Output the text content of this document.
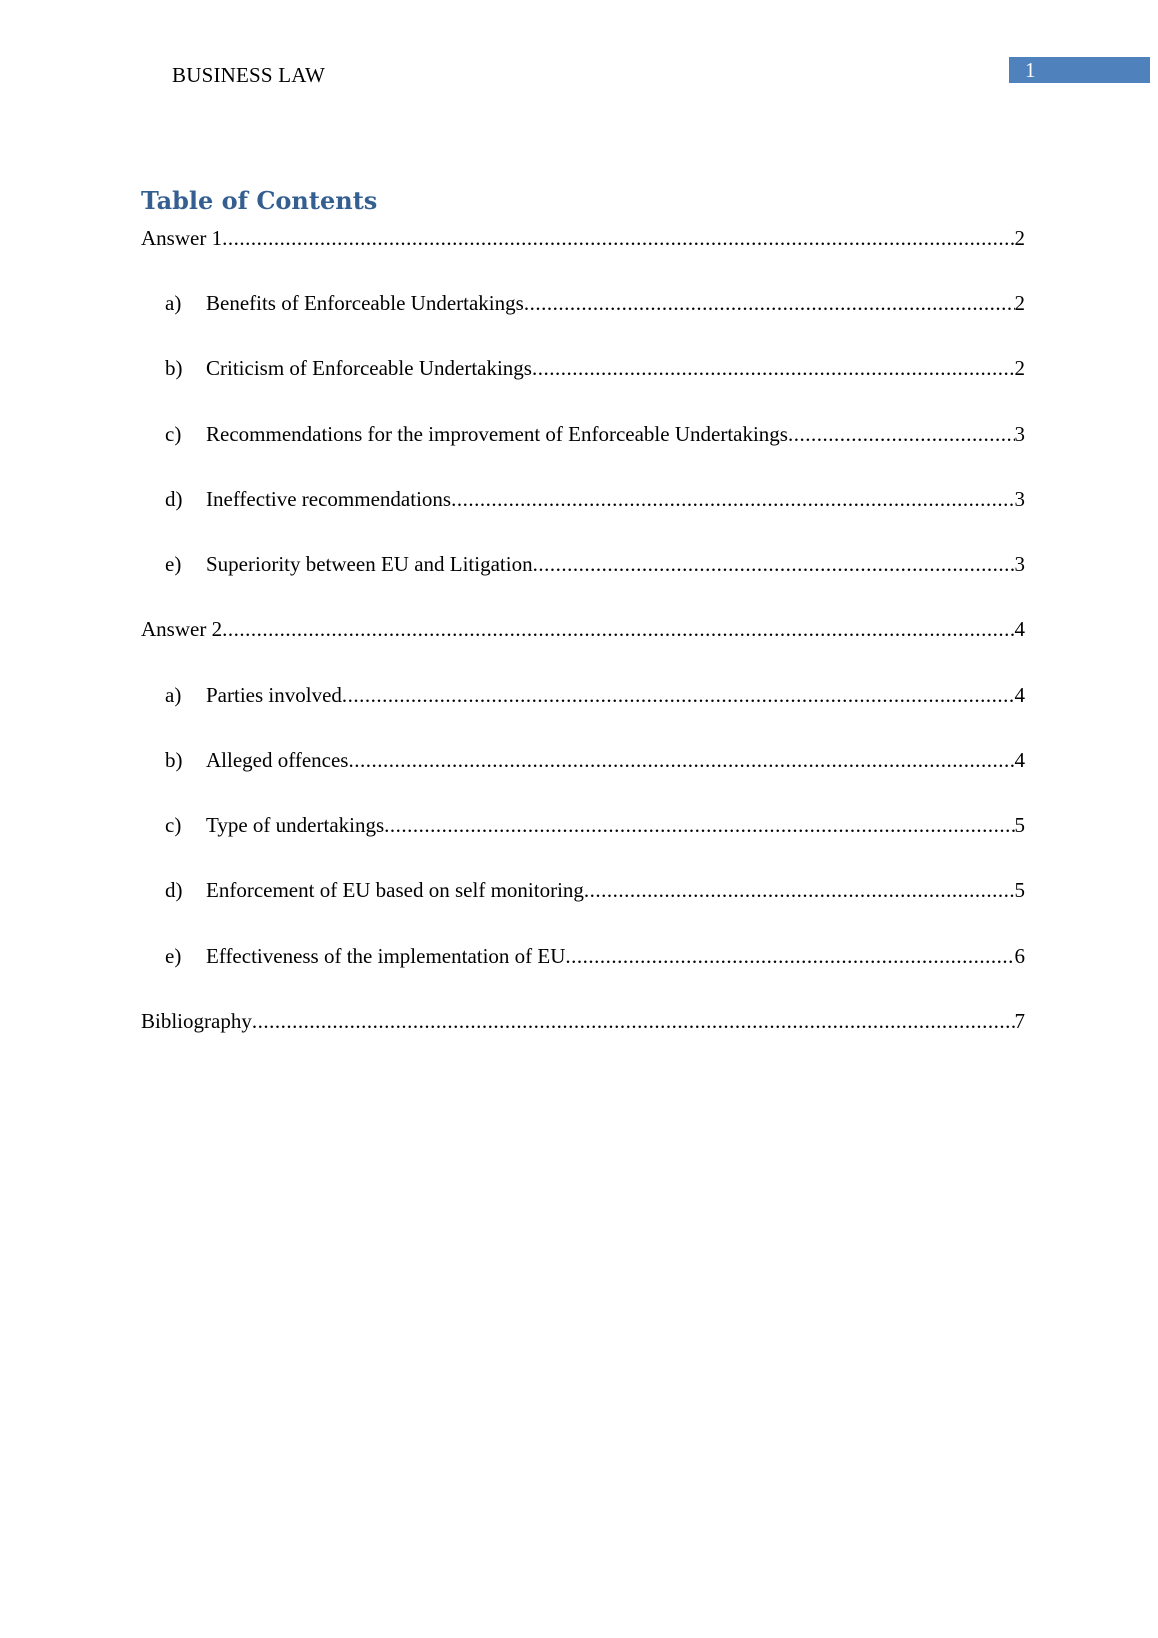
BUSINESS LAW	1
Table of Contents
Answer 1 .....	2
a)	Benefits of Enforceable Undertakings .....	2
b)	Criticism of Enforceable Undertakings .....	2
c)	Recommendations for the improvement of Enforceable Undertakings .....	3
d)	Ineffective recommendations .....	3
e)	Superiority between EU and Litigation .....	3
Answer 2 .....	4
a)	Parties involved .....	4
b)	Alleged offences .....	4
c)	Type of undertakings .....	5
d)	Enforcement of EU based on self monitoring .....	5
e)	Effectiveness of the implementation of EU .....	6
Bibliography .....	7
